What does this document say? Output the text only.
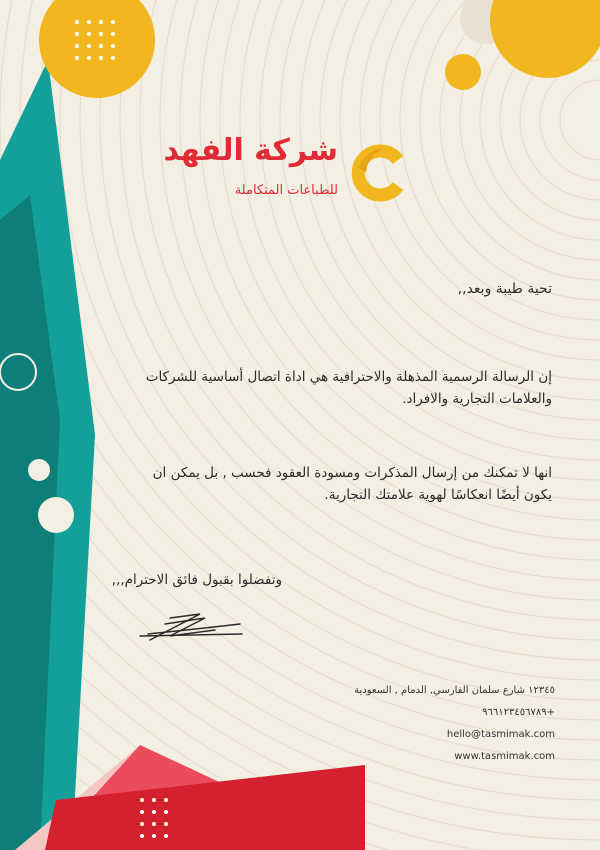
شركة الفهد
للطباعات المتكاملة

تحية طيبة وبعد,,

إن الرسالة الرسمية المذهلة والاحترافية هي اداة اتصال أساسية للشركات والعلامات التجارية والافراد.

انها لا تمكنك من إرسال المذكرات ومسودة العقود فحسب , بل يمكن ان يكون أيضًا انعكاسًا لهوية علامتك التجارية.

وتفضلوا بقبول فائق الاحترام,,,

١٢٣٤٥ شارع سلمان الفارسي, الدمام , السعودية
+٩٦٦١٢٣٤٥٦٧٨٩
hello@tasmimak.com
www.tasmimak.com
